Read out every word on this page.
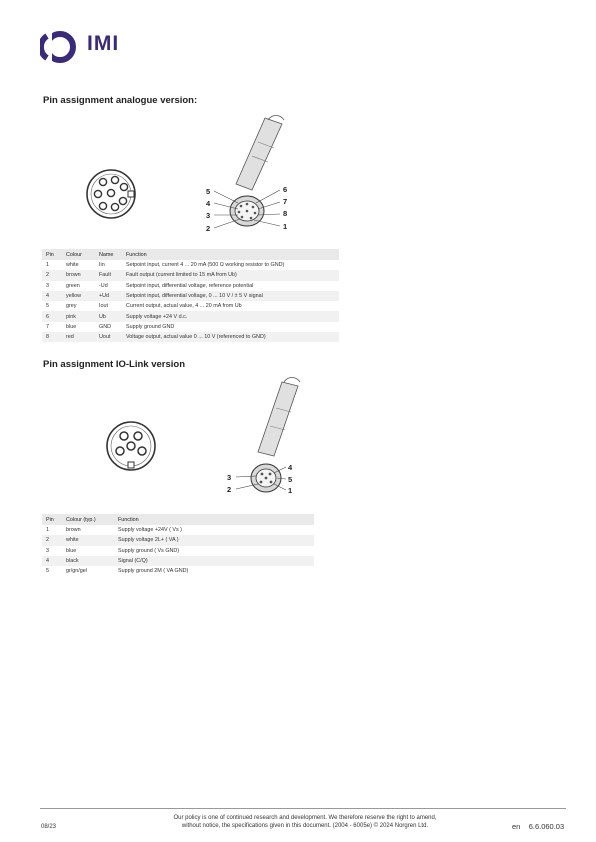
IMI
Pin assignment analogue version:
5
4
3
2
6
7
8
1
Pin	Colour	Name	Function
1	white	Iin	Setpoint input, current 4 ... 20 mA (500 Ω working resistor to GND)
2	brown	Fault	Fault output (current limited to 15 mA from Ub)
3	green	-Ud	Setpoint input, differential voltage, reference potential
4	yellow	+Ud	Setpoint input, differential voltage, 0 ... 10 V / ± 5 V signal
5	grey	Iout	Current output, actual value, 4 ... 20 mA from Ub
6	pink	Ub	Supply voltage +24 V d.c.
7	blue	GND	Supply ground GND
8	red	Uout	Voltage output, actual value 0 ... 10 V (referenced to GND)
Pin assignment IO-Link version
3
2
4
5
1
Pin	Colour (typ.)	Function
1	brown	Supply voltage +24V ( Vs )
2	white	Supply voltage 2L+ ( VA )
3	blue	Supply ground ( Vs GND)
4	black	Signal (C/Q)
5	gr/gn/gel	Supply ground 2M ( VA GND)
Our policy is one of continued research and development. We therefore reserve the right to amend,
without notice, the specifications given in this document. (2004 - 6005e) © 2024 Norgren Ltd.
08/23	en 6.6.060.03
